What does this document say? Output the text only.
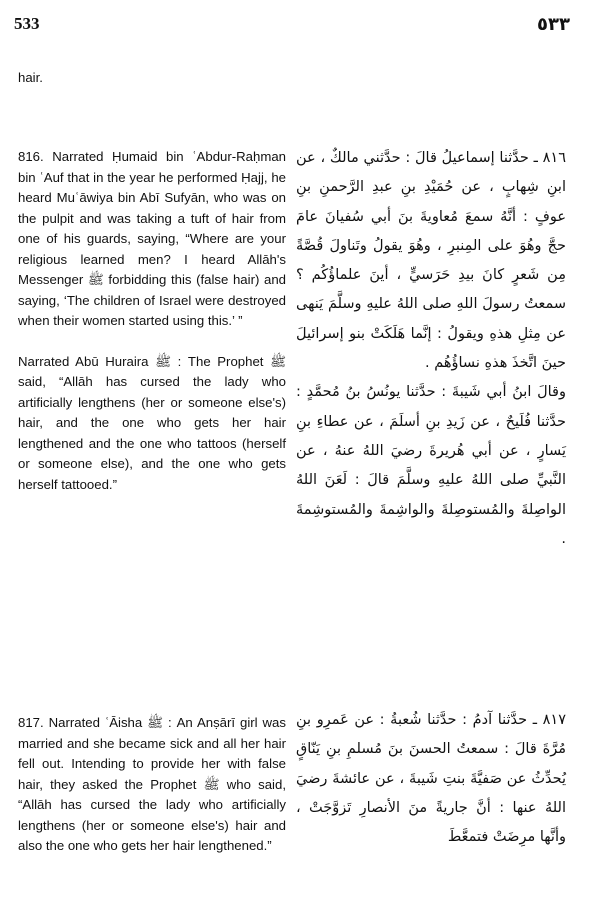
533	٥٣٣
hair.

816. Narrated Ḥumaid bin ʿAbdur-Raḥman bin ʿAuf that in the year he performed Ḥajj, he heard Muʿāwiya bin Abī Sufyān, who was on the pulpit and was taking a tuft of hair from one of his guards, saying, “Where are your religious learned men? I heard Allāh's Messenger ﷺ forbidding this (false hair) and saying, ‘The children of Israel were destroyed when their women started using this.’ ”

Narrated Abū Huraira ﷺ : The Prophet ﷺ said, “Allāh has cursed the lady who artificially lengthens (her or someone else's) hair, and the one who gets her hair lengthened and the one who tattoos (herself or someone else), and the one who gets herself tattooed.”

٨١٦ ـ حدَّثنا إسماعيلُ قالَ : حدَّثني مالكٌ ، عن ابنِ شِهابٍ ، عن حُمَيْدِ بنِ عبدِ الرَّحمنِ بنِ عوفٍ : أنَّهُ سمعَ مُعاويةَ بنَ أبي سُفيانَ عامَ حجَّ وهُوَ على المِنبرِ ، وهُوَ يقولُ وتَناولَ قُصَّةً مِن شَعرٍ كانَ بيدِ حَرَسيٍّ ، أينَ علماؤُكُم ؟ سمعتُ رسولَ اللهِ صلى اللهُ عليهِ وسلَّمَ يَنهى عن مِثلِ هذهِ ويقولُ : إنَّما هَلَكَتْ بنو إسرائيلَ حينَ اتَّخذَ هذهِ نساؤُهُم .

وقالَ ابنُ أبي شَيبةَ : حدَّثنا يونُسُ بنُ مُحمَّدٍ : حدَّثنا فُلَيحٌ ، عن زَيدِ بنِ أسلَمَ ، عن عطاءِ بنِ يَسارٍ ، عن أبي هُريرةَ رضيَ اللهُ عنهُ ، عن النَّبيِّ صلى اللهُ عليهِ وسلَّمَ قالَ : لَعَنَ اللهُ الواصِلةَ والمُستوصِلةَ والواشِمةَ والمُستوشِمةَ .

817. Narrated ʿĀisha ﷺ : An Anṣārī girl was married and she became sick and all her hair fell out. Intending to provide her with false hair, they asked the Prophet ﷺ who said, “Allāh has cursed the lady who artificially lengthens (her or someone else's) hair and also the one who gets her hair lengthened.”

٨١٧ ـ حدَّثنا آدمُ : حدَّثنا شُعبةُ : عن عَمرِو بنِ مُرَّةَ قالَ : سمعتُ الحسنَ بنَ مُسلمِ بنِ يَنّاقٍ يُحدِّثُ عن صَفيَّةَ بنتِ شَيبةَ ، عن عائشةَ رضيَ اللهُ عنها : أنَّ جاريةً منَ الأنصارِ تَزوَّجَتْ ، وأنَّها مرِضَتْ فتمعَّطَ
